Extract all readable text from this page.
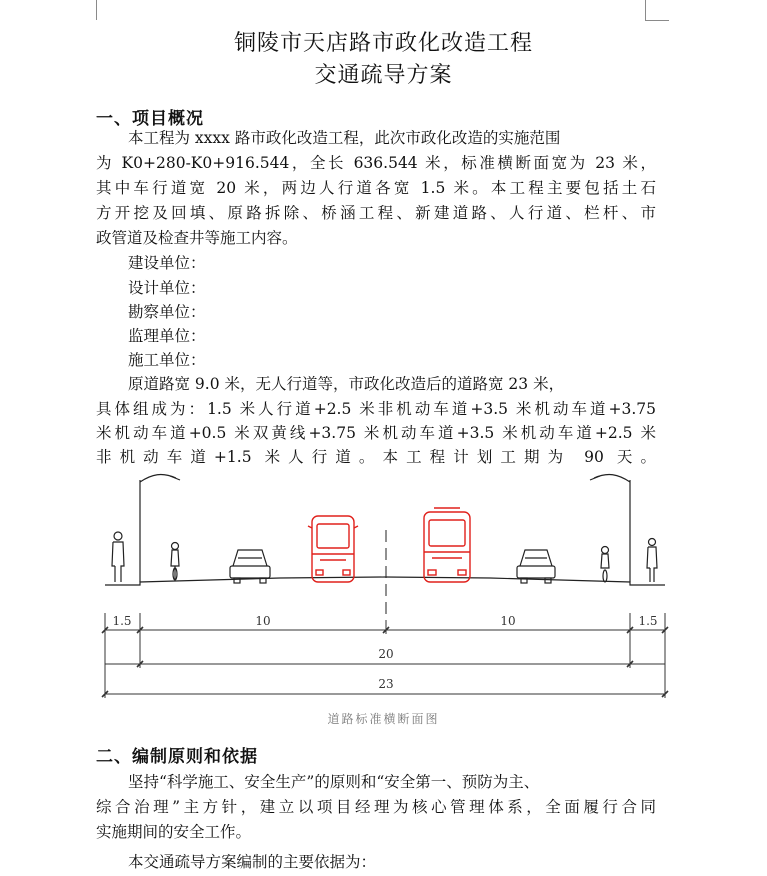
铜陵市天店路市政化改造工程
交通疏导方案
一、项目概况

本工程为 xxxx 路市政化改造工程，此次市政化改造的实施范围

为 K0+280-K0+916.544，全长 636.544 米，标准横断面宽为 23 米，

其中车行道宽 20 米，两边人行道各宽 1.5 米。本工程主要包括土石

方开挖及回填、原路拆除、桥涵工程、新建道路、人行道、栏杆、市

政管道及检查井等施工内容。

建设单位：

设计单位：

勘察单位：

监理单位：

施工单位：

原道路宽 9.0 米，无人行道等，市政化改造后的道路宽 23 米，

具体组成为：1.5 米人行道+2.5 米非机动车道+3.5 米机动车道+3.75

米机动车道+0.5 米双黄线+3.75 米机动车道+3.5 米机动车道+2.5 米

非机动车道+1.5 米人行道。本工程计划工期为 90 天。

1.5	10	10	1.5
20
23
道路标准横断面图
二、编制原则和依据

坚持“科学施工、安全生产”的原则和“安全第一、预防为主、

综合治理”主方针，建立以项目经理为核心管理体系，全面履行合同

实施期间的安全工作。

本交通疏导方案编制的主要依据为：
